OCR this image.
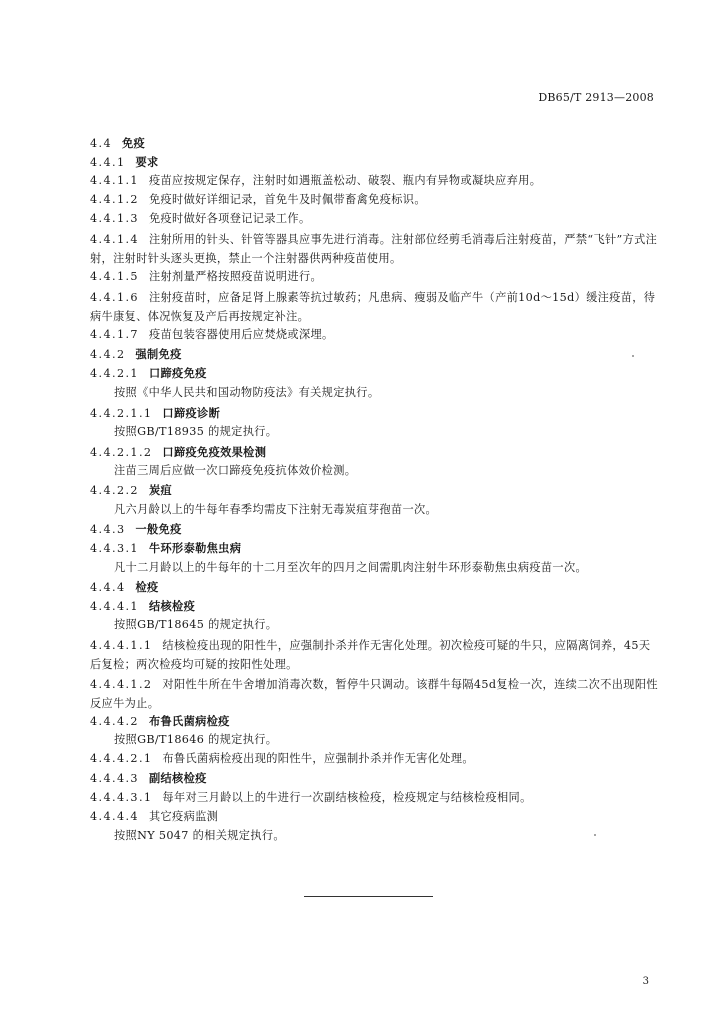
DB65/T 2913—2008
4.4 免疫
4.4.1 要求
4.4.1.1 疫苗应按规定保存，注射时如遇瓶盖松动、破裂、瓶内有异物或凝块应弃用。
4.4.1.2 免疫时做好详细记录，首免牛及时佩带畜禽免疫标识。
4.4.1.3 免疫时做好各项登记记录工作。
4.4.1.4 注射所用的针头、针管等器具应事先进行消毒。注射部位经剪毛消毒后注射疫苗，严禁“飞针”方式注射，注射时针头逐头更换，禁止一个注射器供两种疫苗使用。
4.4.1.5 注射剂量严格按照疫苗说明进行。
4.4.1.6 注射疫苗时，应备足肾上腺素等抗过敏药；凡患病、瘦弱及临产牛（产前10d～15d）缓注疫苗，待病牛康复、体况恢复及产后再按规定补注。
4.4.1.7 疫苗包装容器使用后应焚烧或深埋。
4.4.2 强制免疫
4.4.2.1 口蹄疫免疫
按照《中华人民共和国动物防疫法》有关规定执行。
4.4.2.1.1 口蹄疫诊断
按照GB/T18935 的规定执行。
4.4.2.1.2 口蹄疫免疫效果检测
注苗三周后应做一次口蹄疫免疫抗体效价检测。
4.4.2.2 炭疽
凡六月龄以上的牛每年春季均需皮下注射无毒炭疽芽孢苗一次。
4.4.3 一般免疫
4.4.3.1 牛环形泰勒焦虫病
凡十二月龄以上的牛每年的十二月至次年的四月之间需肌肉注射牛环形泰勒焦虫病疫苗一次。
4.4.4 检疫
4.4.4.1 结核检疫
按照GB/T18645 的规定执行。
4.4.4.1.1 结核检疫出现的阳性牛，应强制扑杀并作无害化处理。初次检疫可疑的牛只，应隔离饲养，45天后复检；两次检疫均可疑的按阳性处理。
4.4.4.1.2 对阳性牛所在牛舍增加消毒次数，暂停牛只调动。该群牛每隔45d复检一次，连续二次不出现阳性反应牛为止。
4.4.4.2 布鲁氏菌病检疫
按照GB/T18646 的规定执行。
4.4.4.2.1 布鲁氏菌病检疫出现的阳性牛，应强制扑杀并作无害化处理。
4.4.4.3 副结核检疫
4.4.4.3.1 每年对三月龄以上的牛进行一次副结核检疫，检疫规定与结核检疫相同。
4.4.4.4 其它疫病监测
按照NY 5047 的相关规定执行。
3
